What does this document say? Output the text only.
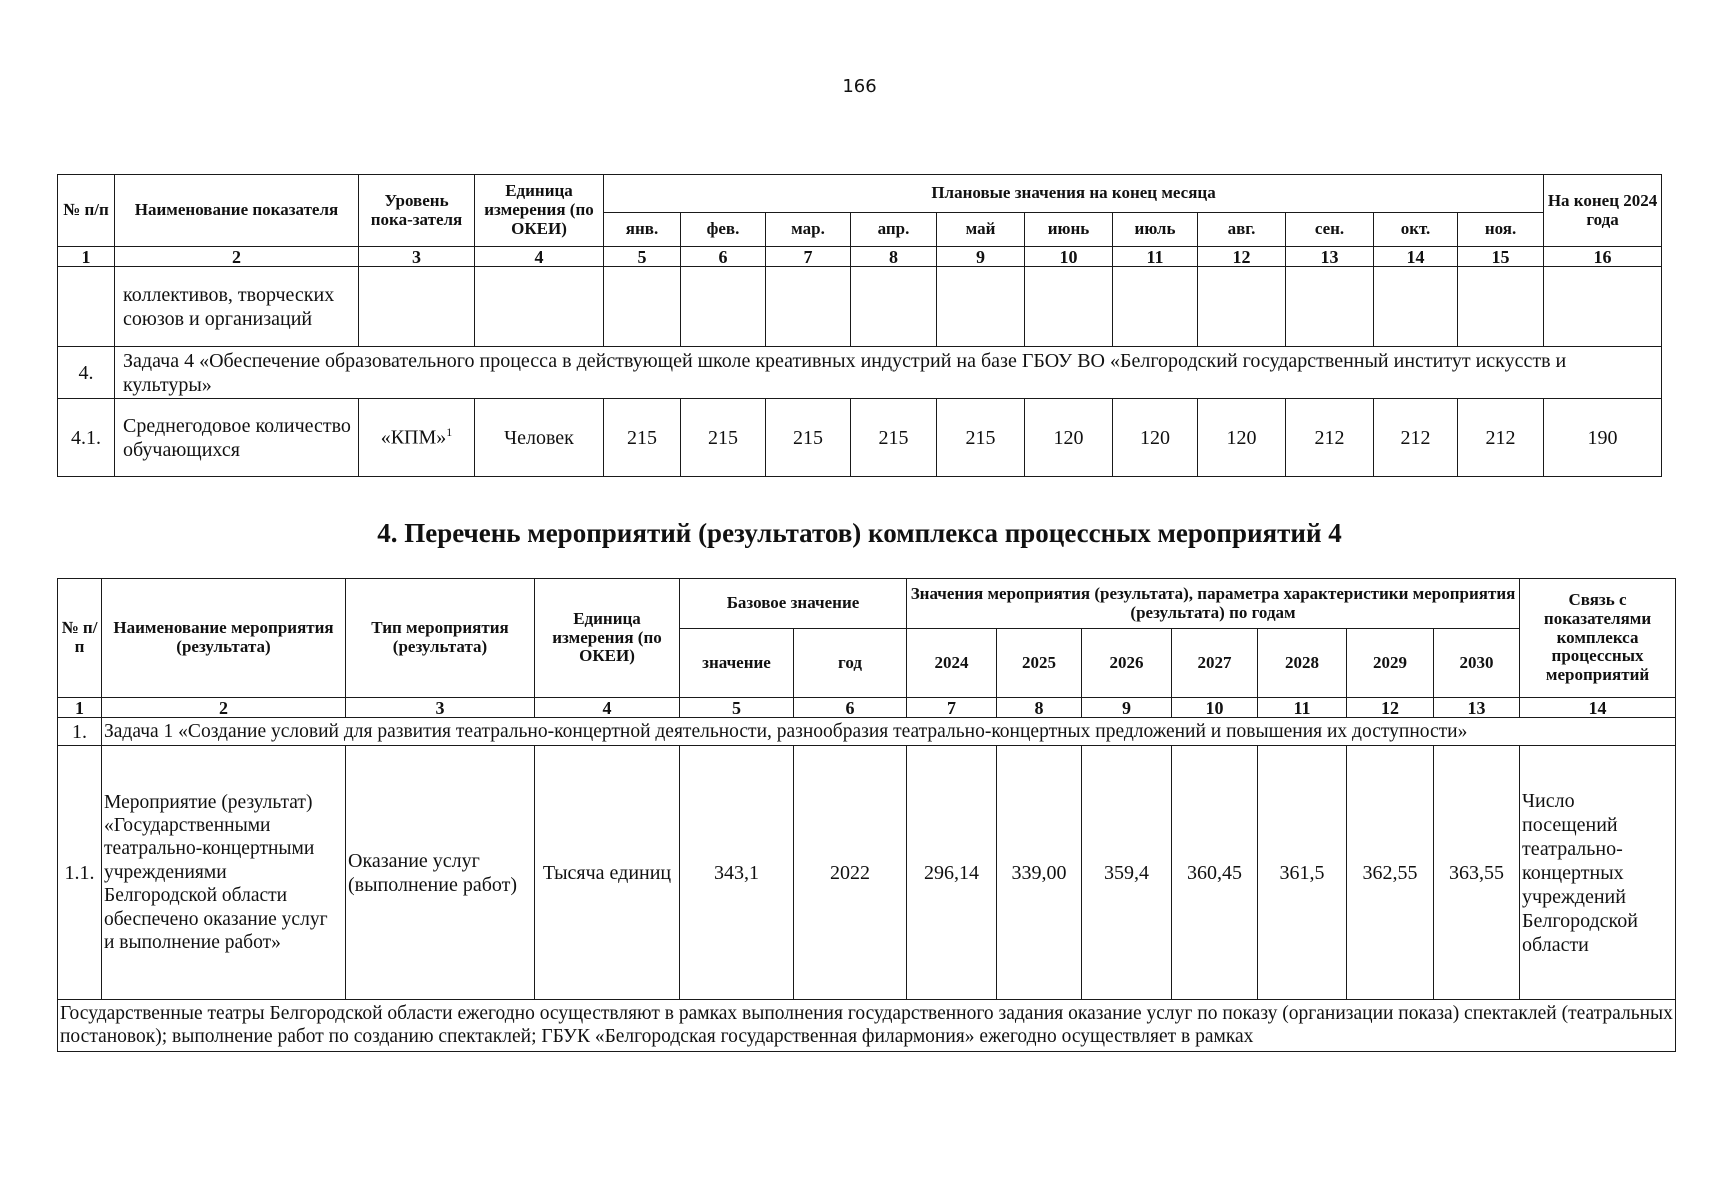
166
№ п/п	Наименование показателя	Уровень пока-зателя	Единица измерения (по ОКЕИ)	Плановые значения на конец месяца											На конец 2024 года
				янв.	фев.	мар.	апр.	май	июнь	июль	авг.	сен.	окт.	ноя.	
1	2	3	4	5	6	7	8	9	10	11	12	13	14	15	16
	коллективов, творческих союзов и организаций														
4.	Задача 4 «Обеспечение образовательного процесса в действующей школе креативных индустрий на базе ГБОУ ВО «Белгородский государственный институт искусств и культуры»														
4.1.	Среднегодовое количество обучающихся	«КПМ»$^1$	Человек	215	215	215	215	215	120	120	120	212	212	212	190
4. Перечень мероприятий (результатов) комплекса процессных мероприятий 4
№ п/п	Наименование мероприятия (результата)	Тип мероприятия (результата)	Единица измерения (по ОКЕИ)	Базовое значение		Значения мероприятия (результата), параметра характеристики мероприятия (результата) по годам							Связь с показателями комплекса процессных мероприятий
				значение	год	2024	2025	2026	2027	2028	2029	2030	
1	2	3	4	5	6	7	8	9	10	11	12	13	14
1.	Задача 1 «Создание условий для развития театрально-концертной деятельности, разнообразия театрально-концертных предложений и повышения их доступности»												
1.1.	Мероприятие (результат) «Государственными театрально-концертными учреждениями Белгородской области обеспечено оказание услуг и выполнение работ»	Оказание услуг (выполнение работ)	Тысяча единиц	343,1	2022	296,14	339,00	359,4	360,45	361,5	362,55	363,55	Число посещений театрально-концертных учреждений Белгородской области
Государственные театры Белгородской области ежегодно осуществляют в рамках выполнения государственного задания оказание услуг по показу (организации показа) спектаклей (театральных постановок); выполнение работ по созданию спектаклей; ГБУК «Белгородская государственная филармония» ежегодно осуществляет в рамках													
